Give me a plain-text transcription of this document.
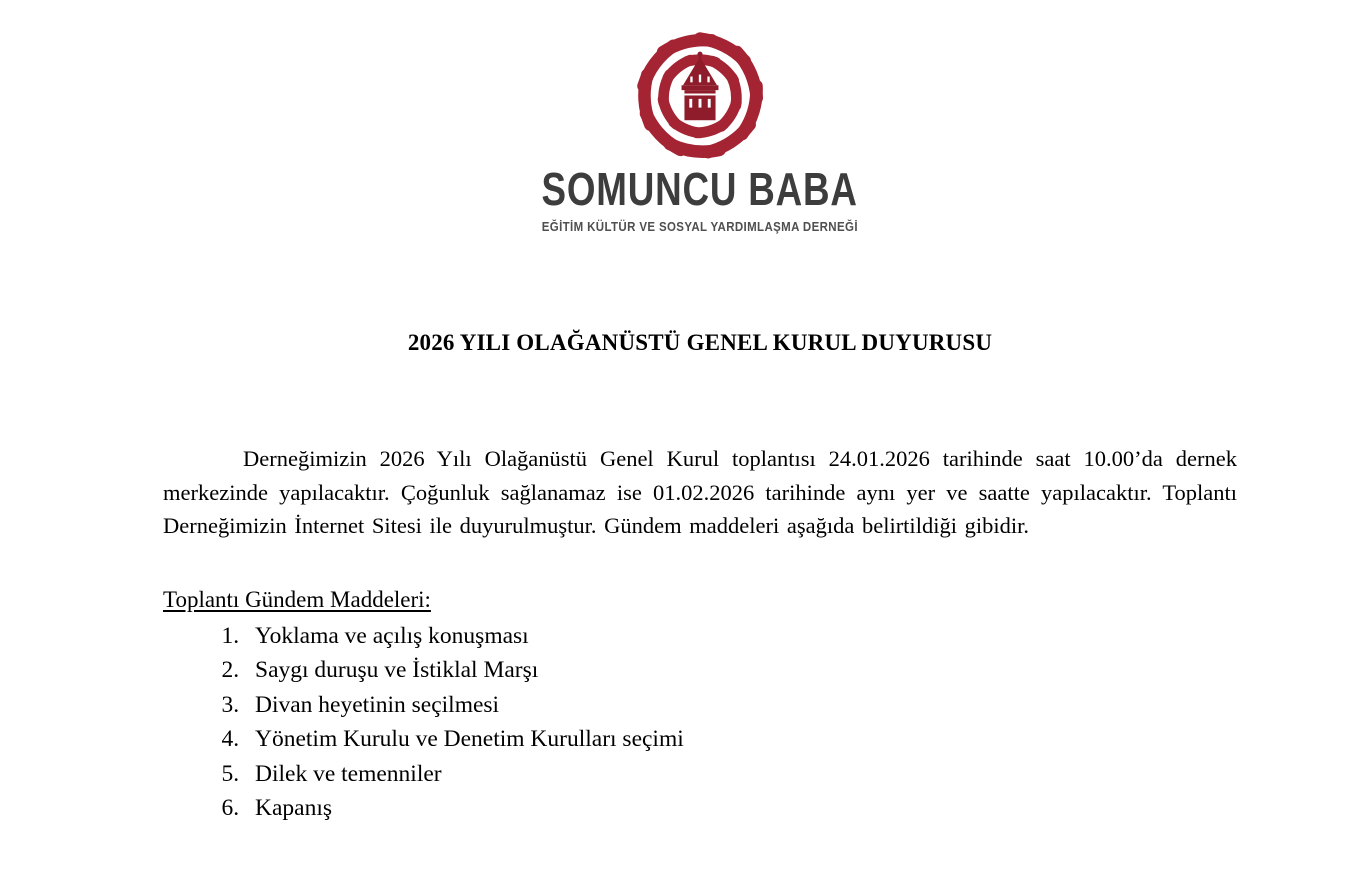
SOMUNCU BABA
EĞİTİM KÜLTÜR VE SOSYAL YARDIMLAŞMA DERNEĞİ
2026 YILI OLAĞANÜSTÜ GENEL KURUL DUYURUSU

Derneğimizin 2026 Yılı Olağanüstü Genel Kurul toplantısı 24.01.2026 tarihinde saat 10.00’da dernek merkezinde yapılacaktır. Çoğunluk sağlanamaz ise 01.02.2026 tarihinde aynı yer ve saatte yapılacaktır. Toplantı Derneğimizin İnternet Sitesi ile duyurulmuştur. Gündem maddeleri aşağıda belirtildiği gibidir.

Toplantı Gündem Maddeleri:
1. Yoklama ve açılış konuşması
2. Saygı duruşu ve İstiklal Marşı
3. Divan heyetinin seçilmesi
4. Yönetim Kurulu ve Denetim Kurulları seçimi
5. Dilek ve temenniler
6. Kapanış
